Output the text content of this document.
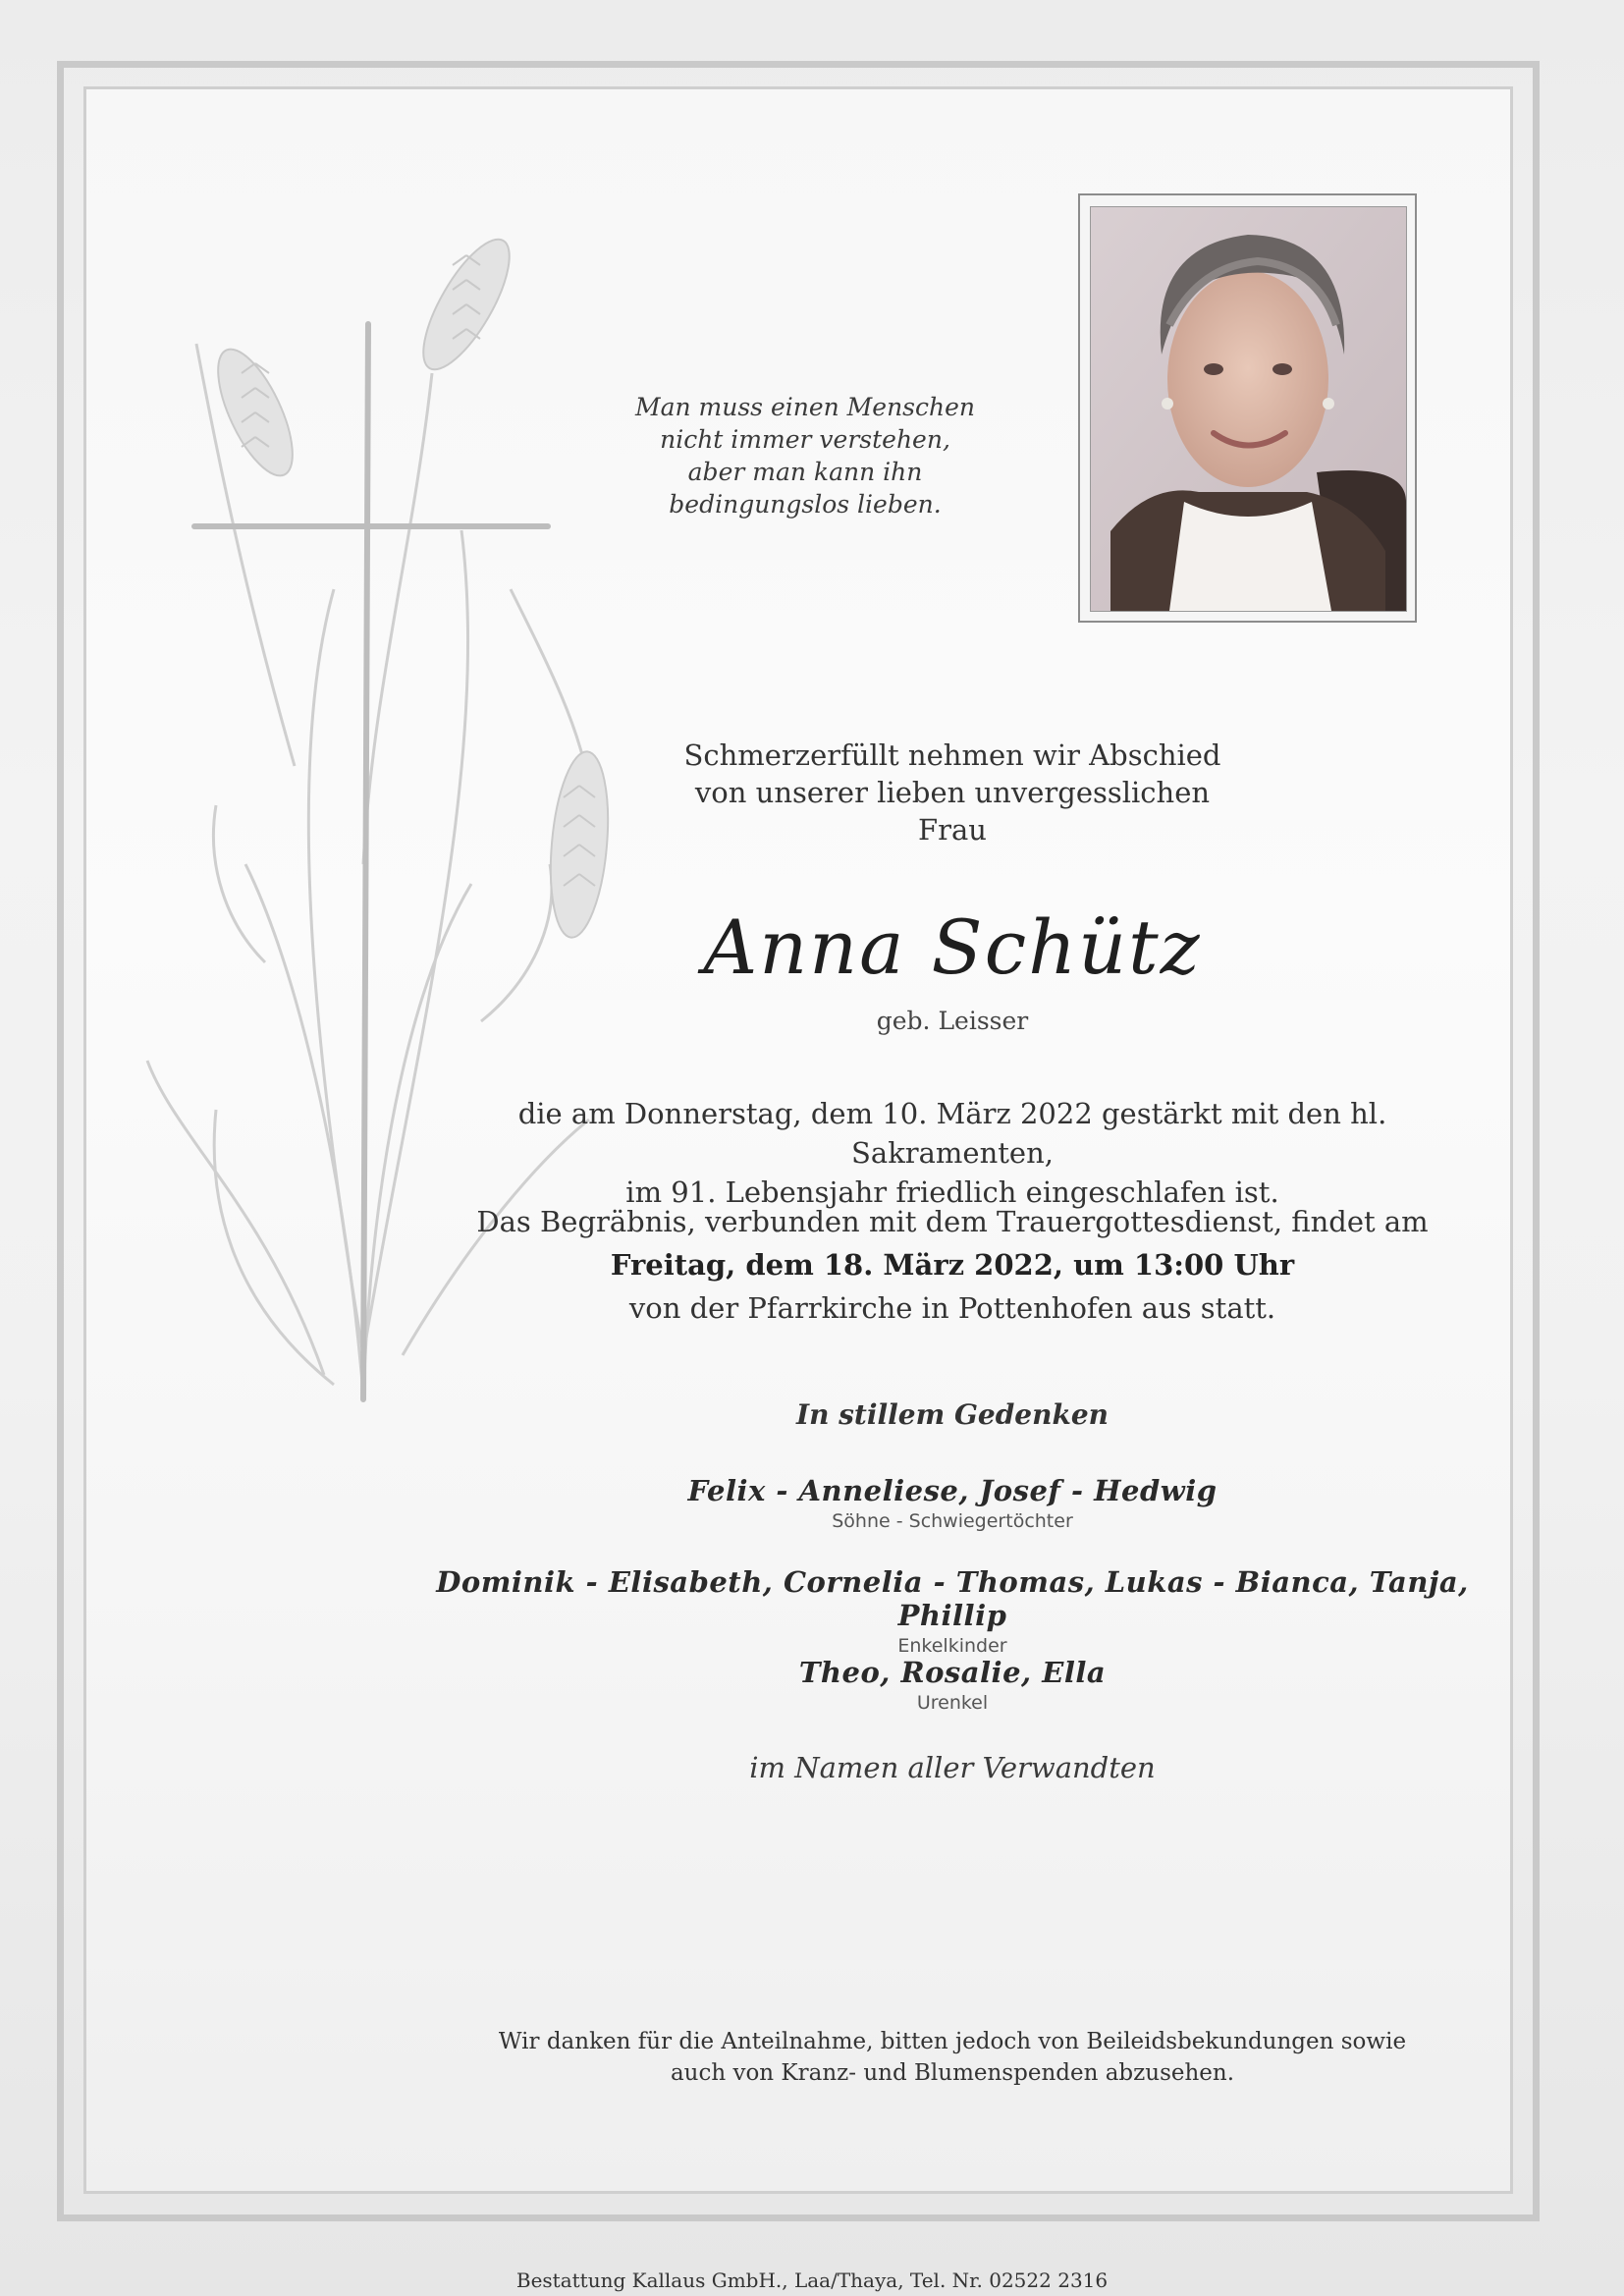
Man muss einen Menschen
nicht immer verstehen,
aber man kann ihn
bedingungslos lieben.
Schmerzerfüllt nehmen wir Abschied
von unserer lieben unvergesslichen
Frau
Anna Schütz
geb. Leisser
die am Donnerstag, dem 10. März 2022 gestärkt mit den hl. Sakramenten,
im 91. Lebensjahr friedlich eingeschlafen ist.
Das Begräbnis, verbunden mit dem Trauergottesdienst, findet am
Freitag, dem 18. März 2022, um 13:00 Uhr
von der Pfarrkirche in Pottenhofen aus statt.
In stillem Gedenken
Felix - Anneliese, Josef - Hedwig
Söhne - Schwiegertöchter
Dominik - Elisabeth, Cornelia - Thomas, Lukas - Bianca, Tanja, Phillip
Enkelkinder
Theo, Rosalie, Ella
Urenkel
im Namen aller Verwandten
Wir danken für die Anteilnahme, bitten jedoch von Beileidsbekundungen sowie
auch von Kranz- und Blumenspenden abzusehen.
Bestattung Kallaus GmbH., Laa/Thaya, Tel. Nr. 02522 2316
